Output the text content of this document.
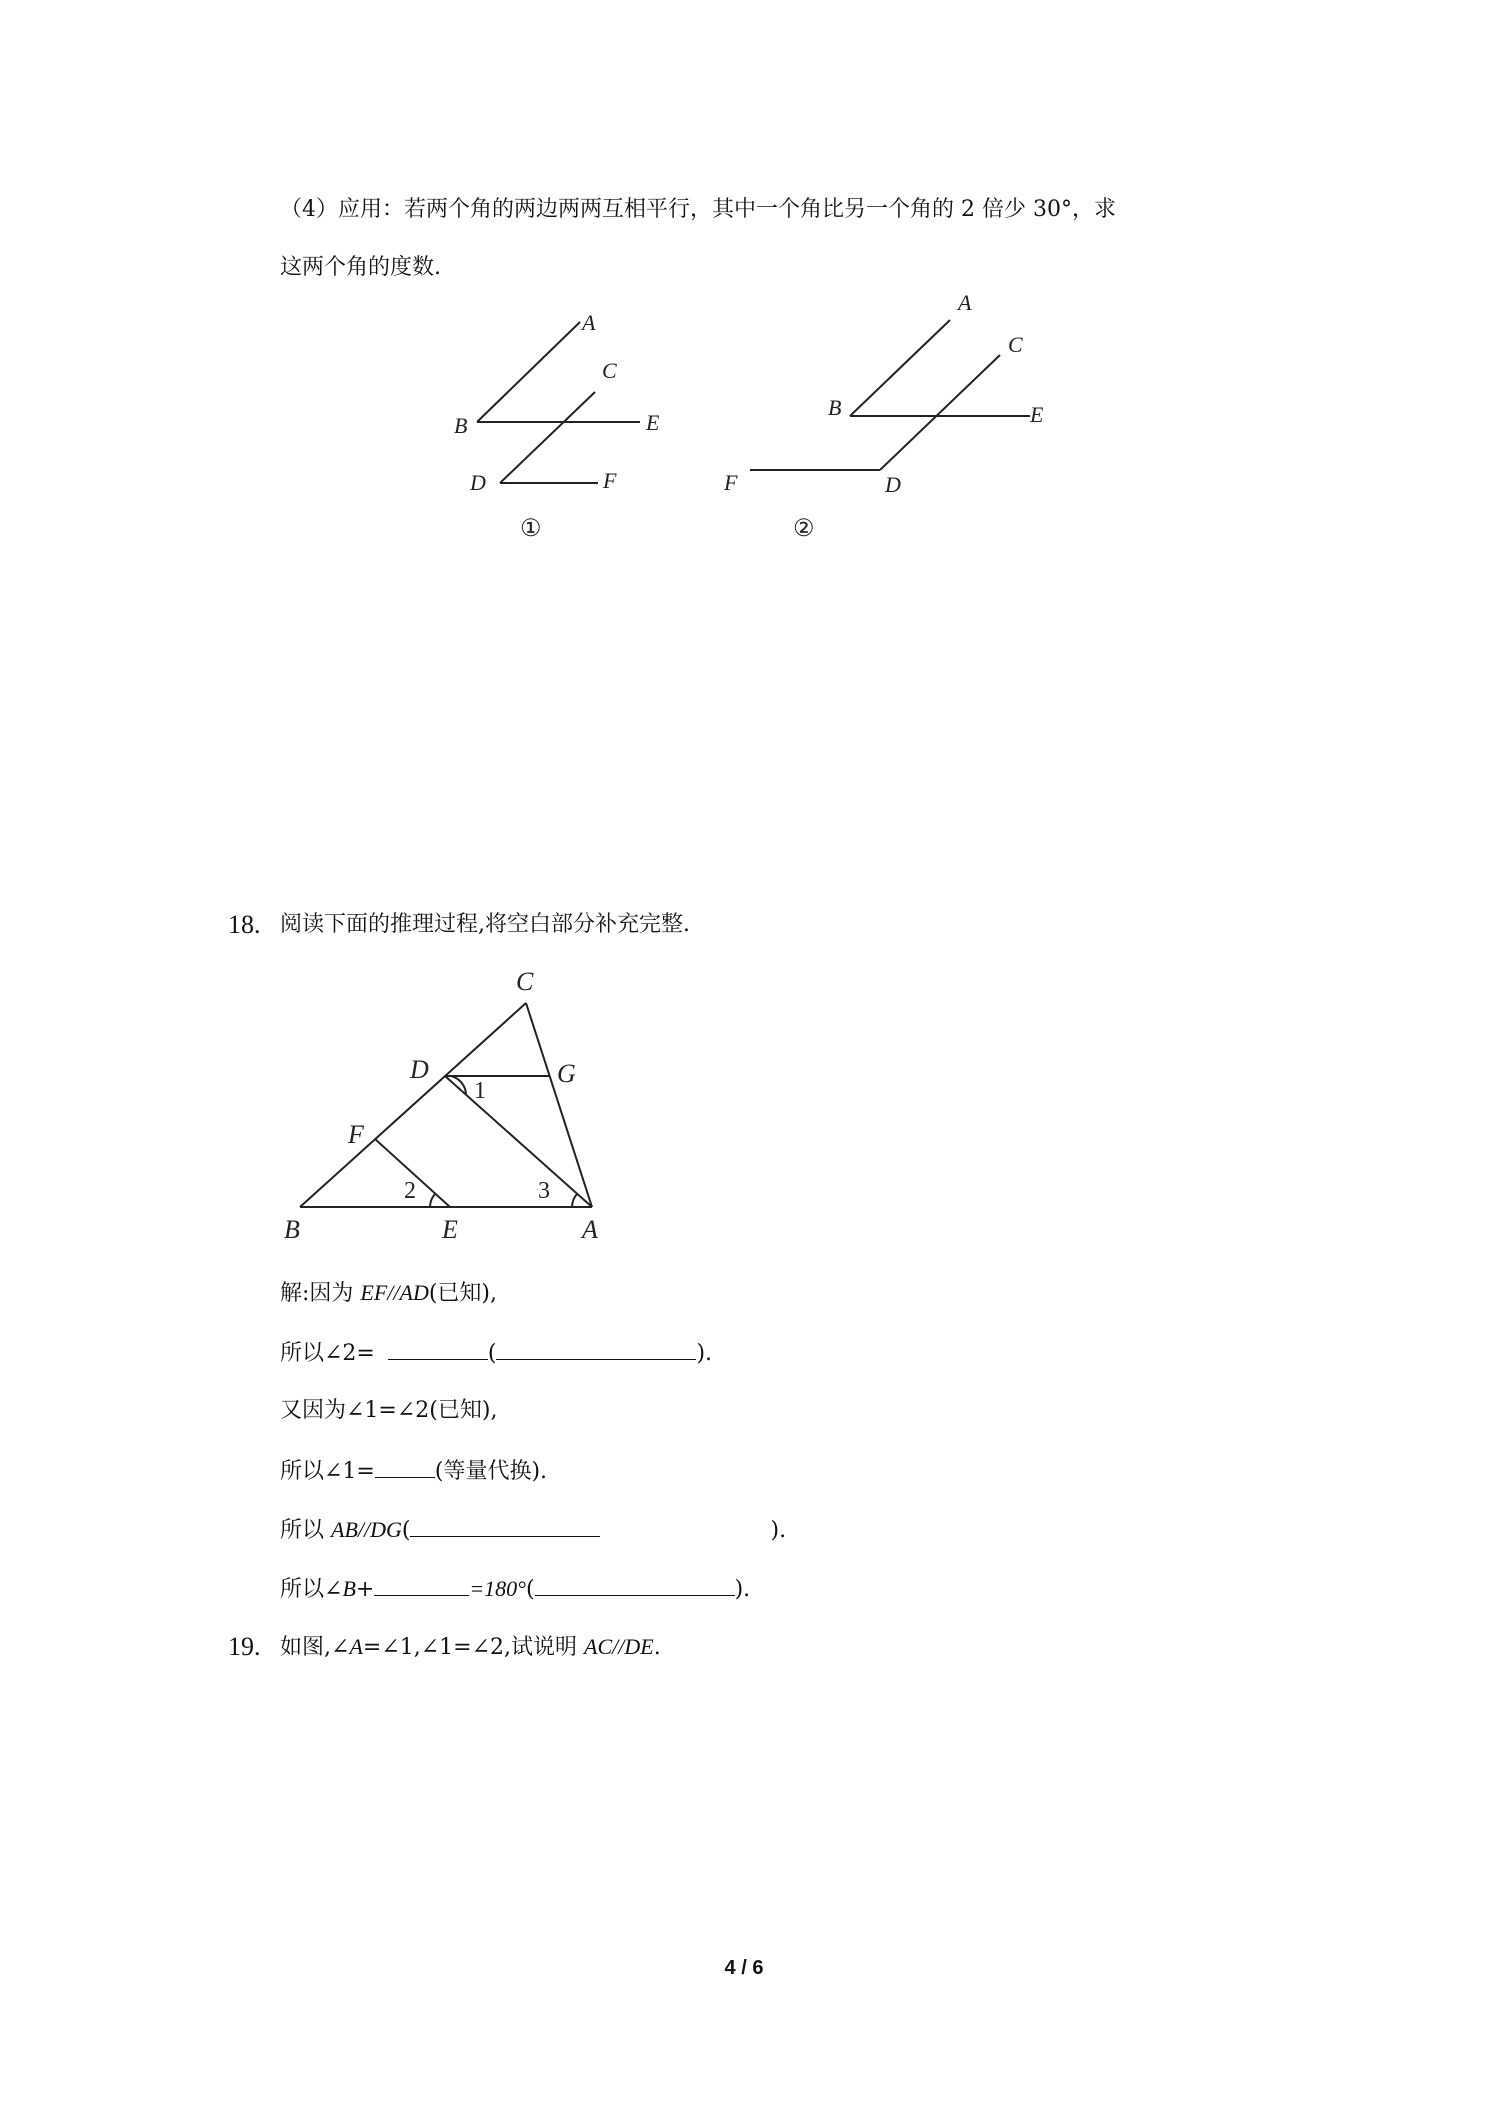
（4）应用：若两个角的两边两两互相平行，其中一个角比另一个角的 2 倍少 30°，求
这两个角的度数.
A
C
B	E
D	F
①
A
C
B	E
F	D
②
18. 阅读下面的推理过程,将空白部分补充完整.
C
D	G
F
B	E	A
1
2	3
解:因为 EF//AD(已知),
所以∠2=	(	).
又因为∠1=∠2(已知),
所以∠1=	(等量代换).
所以 AB//DG(	).
所以∠B+	=180°(	).
19. 如图,∠A=∠1,∠1=∠2,试说明 AC//DE.
4 / 6
